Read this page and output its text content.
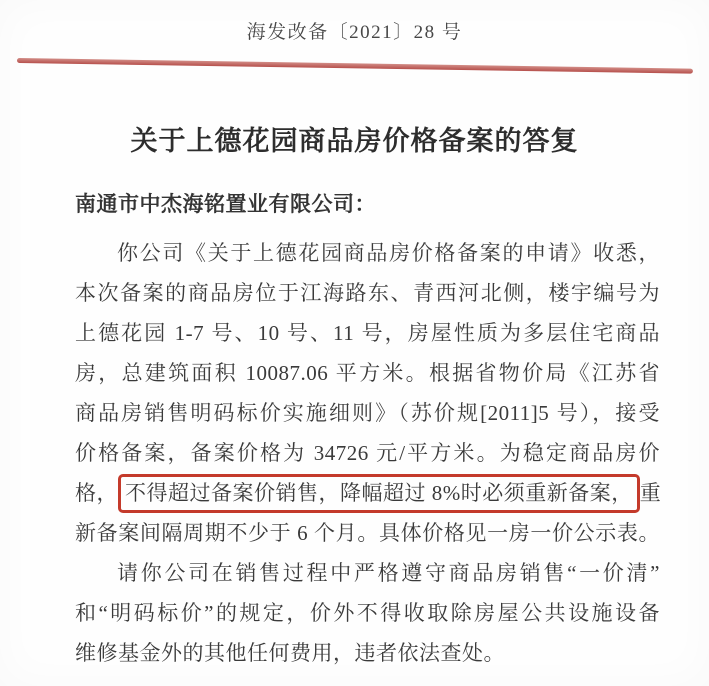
海发改备〔2021〕28 号
关于上德花园商品房价格备案的答复
南通市中杰海铭置业有限公司：
你公司《关于上德花园商品房价格备案的申请》收悉，
本次备案的商品房位于江海路东、青西河北侧，楼宇编号为
上德花园 1-7 号、10 号、11 号，房屋性质为多层住宅商品
房，总建筑面积 10087.06 平方米。根据省物价局《江苏省
商品房销售明码标价实施细则》（苏价规[2011]5 号），接受
价格备案，备案价格为 34726 元/平方米。为稳定商品房价
格， 不得超过备案价销售，降幅超过 8%时必须重新备案， 重
新备案间隔周期不少于 6 个月。具体价格见一房一价公示表。
请你公司在销售过程中严格遵守商品房销售“一价清”
和“明码标价”的规定，价外不得收取除房屋公共设施设备
维修基金外的其他任何费用，违者依法查处。
